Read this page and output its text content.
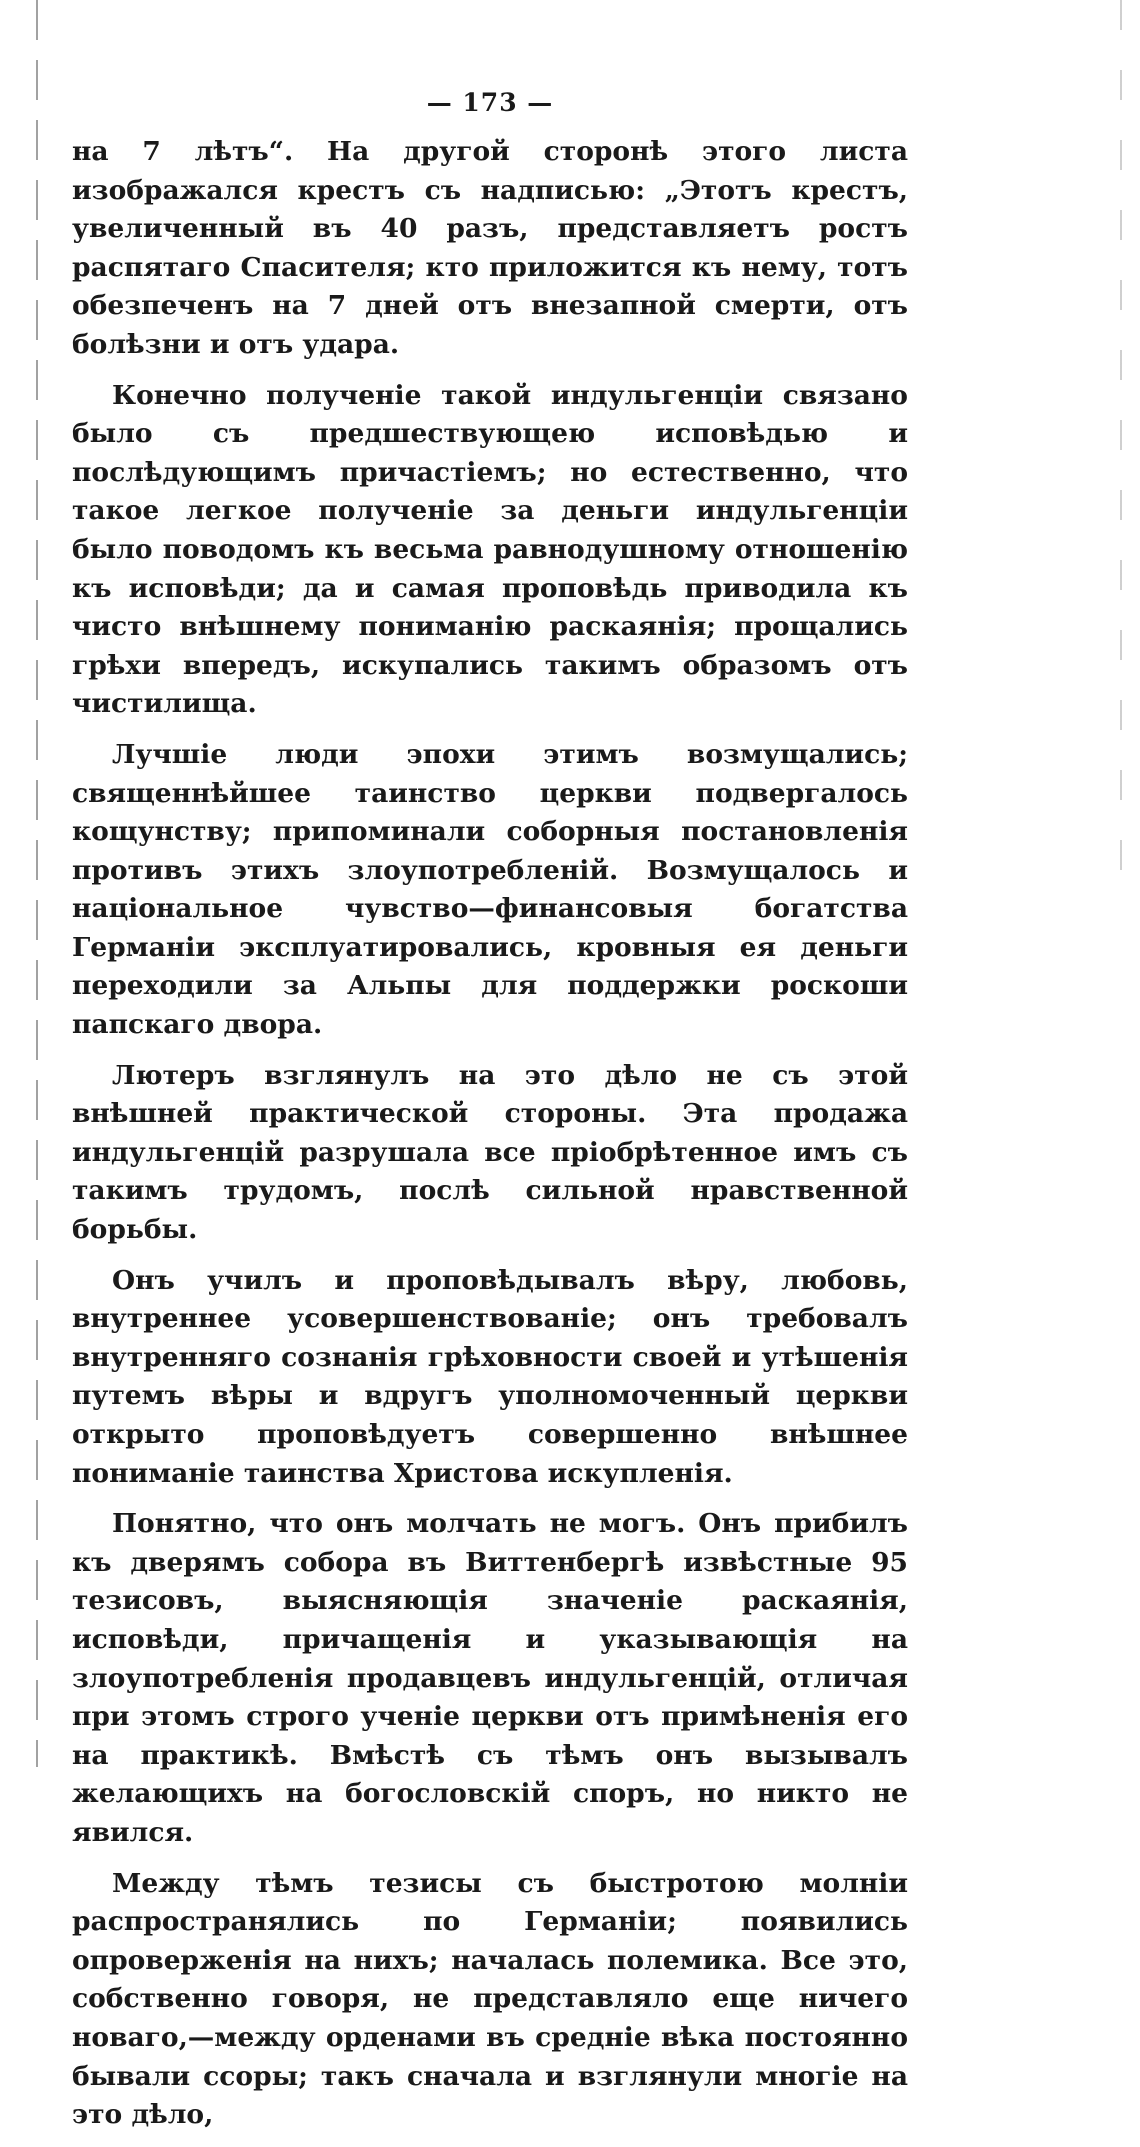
— 173 —

на 7 лѣтъ“. На другой сторонѣ этого листа изображался крестъ съ надписью: „Этотъ крестъ, увеличенный въ 40 разъ, представляетъ ростъ распятаго Спасителя; кто приложится къ нему, тотъ обезпеченъ на 7 дней отъ внезапной смерти, отъ болѣзни и отъ удара.

Конечно полученіе такой индульгенціи связано было съ предшествующею исповѣдью и послѣдующимъ причастіемъ; но естественно, что такое легкое полученіе за деньги индульгенціи было поводомъ къ весьма равнодушному отношенію къ исповѣди; да и самая проповѣдь приводила къ чисто внѣшнему пониманію раскаянія; прощались грѣхи впередъ, искупались такимъ образомъ отъ чистилища.

Лучшіе люди эпохи этимъ возмущались; священнѣйшее таинство церкви подвергалось кощунству; припоминали соборныя постановленія противъ этихъ злоупотребленій. Возмущалось и національное чувство—финансовыя богатства Германіи эксплуатировались, кровныя ея деньги переходили за Альпы для поддержки роскоши папскаго двора.

Лютеръ взглянулъ на это дѣло не съ этой внѣшней практической стороны. Эта продажа индульгенцій разрушала все пріобрѣтенное имъ съ такимъ трудомъ, послѣ сильной нравственной борьбы.

Онъ училъ и проповѣдывалъ вѣру, любовь, внутреннее усовершенствованіе; онъ требовалъ внутренняго сознанія грѣховности своей и утѣшенія путемъ вѣры и вдругъ уполномоченный церкви открыто проповѣдуетъ совершенно внѣшнее пониманіе таинства Христова искупленія.

Понятно, что онъ молчать не могъ. Онъ прибилъ къ дверямъ собора въ Виттенбергѣ извѣстные 95 тезисовъ, выясняющія значеніе раскаянія, исповѣди, причащенія и указывающія на злоупотребленія продавцевъ индульгенцій, отличая при этомъ строго ученіе церкви отъ примѣненія его на практикѣ. Вмѣстѣ съ тѣмъ онъ вызывалъ желающихъ на богословскій споръ, но никто не явился.

Между тѣмъ тезисы съ быстротою молніи распространялись по Германіи; появились опроверженія на нихъ; началась полемика. Все это, собственно говоря, не представляло еще ничего новаго,—между орденами въ средніе вѣка постоянно бывали ссоры; такъ сначала и взглянули многіе на это дѣло,
